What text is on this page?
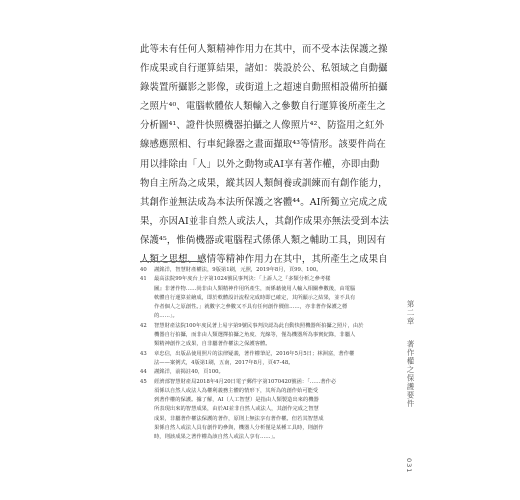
此等未有任何人類精神作用力在其中，而不受本法保護之操
作成果或自行運算結果，諸如：裝設於公、私領域之自動攝
錄裝置所攝影之影像，或街道上之超速自動照相設備所拍攝
之照片⁴⁰、電腦軟體依人類輸入之參數自行運算後所產生之
分析圖⁴¹、證件快照機器拍攝之人像照片⁴²、防盜用之紅外
線感應照相、行車紀錄器之畫面擷取⁴³等情形。該要件尚在
用以排除由「人」以外之動物或AI享有著作權，亦即由動
物自主所為之成果，縱其因人類飼養或訓練而有創作能力，
其創作並無法成為本法所保護之客體⁴⁴。AI所獨立完成之成
果，亦因AI並非自然人或法人，其創作成果亦無法受到本法
保護⁴⁵，惟倘機器或電腦程式係係人類之輔助工具，則因有
人類之思想、感情等精神作用力在其中，其所產生之成果自
40	謝銘洋，智慧財產權法，9版第1刷，元照，2019年8月，頁99、100。
41	最高法院99年度台上字第1024號民事判決：「上訴人之『多類分析之參考樣
圖』非著作物……尚非由人類精神作用所產生，而係藉使用人輸入相關參數後，由電腦
軟體自行運算並繪成，即於軟體設計流程完成時即已確定，其所顯示之結果，並不具有
作者個人之原創性。」就數字之參數又不具有任何創作價值……，亦非著作保護之標
的……」。
42	智慧財產法院100年度民著上易字第9號民事判決認為此自動快照機器所拍攝之照片，由於
機器自行拍攝，而非由人類選擇拍攝之角度、光線等，僅為機器所為事實紀錄，非屬人
類精神創作之成果，自非屬著作權法之保護客體。
43	章忠信，出版品使用照片的法律疑義，著作權筆記，2016年5月5日；林洲富，著作權
法——案例式，4版第1刷，五南，2017年8月，頁47-48。
44	謝銘洋，前揭註40，頁100。
45	經濟部智慧財產局2018年4月20日電子郵件字第1070420號函：「……著作必
須係以自然人或法人為權利義務主體的情形下，其所為的創作始可能受
到著作權的保護。據了解，AI（人工智慧）是指由人類製造出來的機器
所表現出來的智慧成果，由於AI並非自然人或法人，其創作完成之智慧
成果，非屬著作權法保護的著作，原則上無法享有著作權。但若其智慧成
果係自然人或法人具有創作的參與，機器人分析僅是某種工具時，則創作
時，則該成果之著作權為該自然人或法人享有……」。
第二章 　 著作權之保護要件
031
